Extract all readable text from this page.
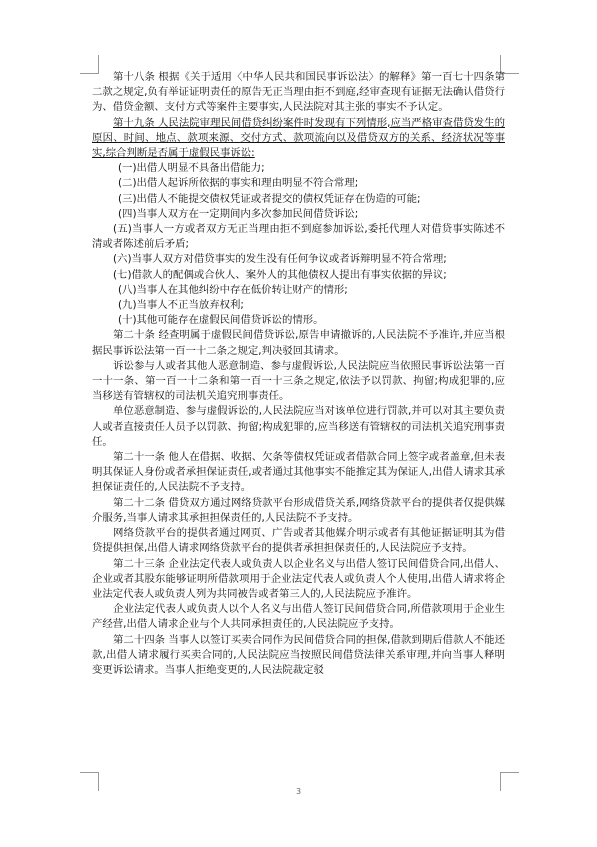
第十八条 根据《关于适用〈中华人民共和国民事诉讼法〉的解释》第一百七十四条第二款之规定,负有举证证明责任的原告无正当理由拒不到庭,经审查现有证据无法确认借贷行为、借贷金额、支付方式等案件主要事实,人民法院对其主张的事实不予认定。

第十九条 人民法院审理民间借贷纠纷案件时发现有下列情形,应当严格审查借贷发生的原因、时间、地点、款项来源、交付方式、款项流向以及借贷双方的关系、经济状况等事实,综合判断是否属于虚假民事诉讼:

(一)出借人明显不具备出借能力;

(二)出借人起诉所依据的事实和理由明显不符合常理;

(三)出借人不能提交债权凭证或者提交的债权凭证存在伪造的可能;

(四)当事人双方在一定期间内多次参加民间借贷诉讼;

(五)当事人一方或者双方无正当理由拒不到庭参加诉讼,委托代理人对借贷事实陈述不清或者陈述前后矛盾;

(六)当事人双方对借贷事实的发生没有任何争议或者诉辩明显不符合常理;

(七)借款人的配偶或合伙人、案外人的其他债权人提出有事实依据的异议;

(八)当事人在其他纠纷中存在低价转让财产的情形;

(九)当事人不正当放弃权利;

(十)其他可能存在虚假民间借贷诉讼的情形。

第二十条 经查明属于虚假民间借贷诉讼,原告申请撤诉的,人民法院不予准许,并应当根据民事诉讼法第一百一十二条之规定,判决驳回其请求。

诉讼参与人或者其他人恶意制造、参与虚假诉讼,人民法院应当依照民事诉讼法第一百一十一条、第一百一十二条和第一百一十三条之规定,依法予以罚款、拘留;构成犯罪的,应当移送有管辖权的司法机关追究刑事责任。

单位恶意制造、参与虚假诉讼的,人民法院应当对该单位进行罚款,并可以对其主要负责人或者直接责任人员予以罚款、拘留;构成犯罪的,应当移送有管辖权的司法机关追究刑事责任。

第二十一条 他人在借据、收据、欠条等债权凭证或者借款合同上签字或者盖章,但未表明其保证人身份或者承担保证责任,或者通过其他事实不能推定其为保证人,出借人请求其承担保证责任的,人民法院不予支持。

第二十二条 借贷双方通过网络贷款平台形成借贷关系,网络贷款平台的提供者仅提供媒介服务,当事人请求其承担担保责任的,人民法院不予支持。

网络贷款平台的提供者通过网页、广告或者其他媒介明示或者有其他证据证明其为借贷提供担保,出借人请求网络贷款平台的提供者承担担保责任的,人民法院应予支持。

第二十三条 企业法定代表人或负责人以企业名义与出借人签订民间借贷合同,出借人、企业或者其股东能够证明所借款项用于企业法定代表人或负责人个人使用,出借人请求将企业法定代表人或负责人列为共同被告或者第三人的,人民法院应予准许。

企业法定代表人或负责人以个人名义与出借人签订民间借贷合同,所借款项用于企业生产经营,出借人请求企业与个人共同承担责任的,人民法院应予支持。

第二十四条 当事人以签订买卖合同作为民间借贷合同的担保,借款到期后借款人不能还款,出借人请求履行买卖合同的,人民法院应当按照民间借贷法律关系审理,并向当事人释明变更诉讼请求。当事人拒绝变更的,人民法院裁定驳

3
